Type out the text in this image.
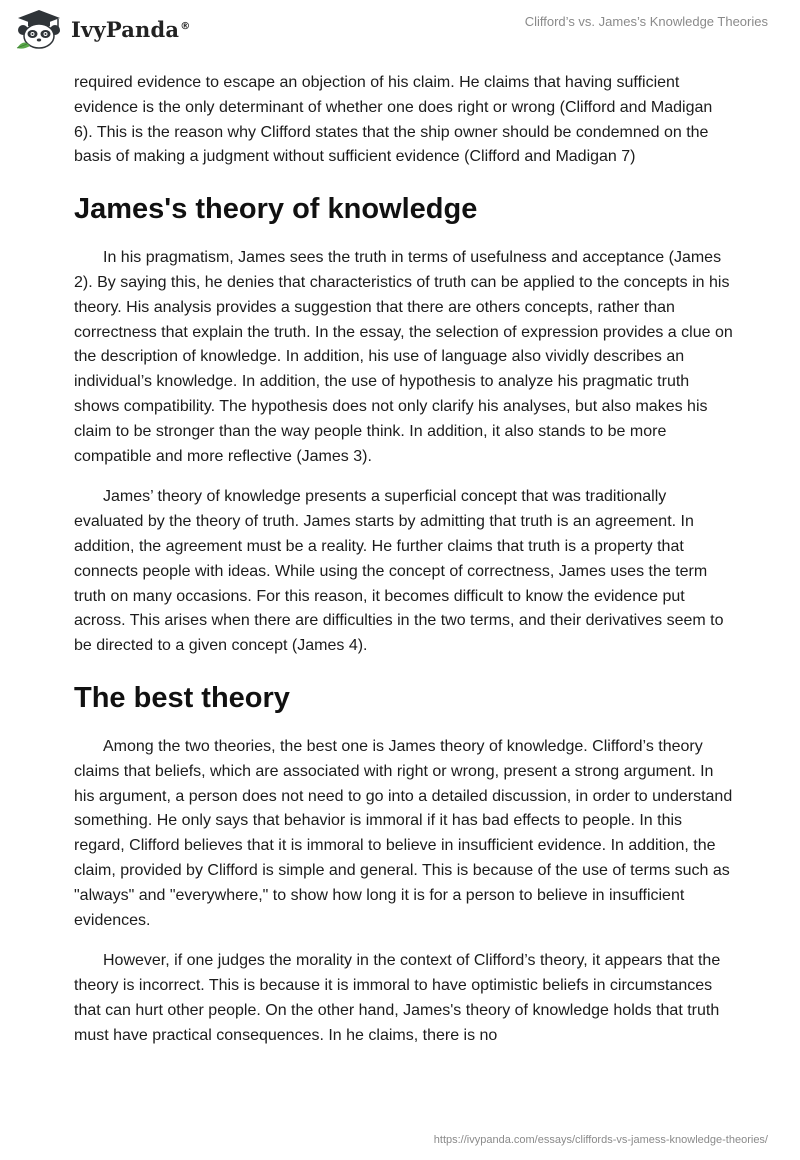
IvyPanda®	Clifford’s vs. James’s Knowledge Theories

required evidence to escape an objection of his claim. He claims that having sufficient evidence is the only determinant of whether one does right or wrong (Clifford and Madigan 6). This is the reason why Clifford states that the ship owner should be condemned on the basis of making a judgment without sufficient evidence (Clifford and Madigan 7)

James's theory of knowledge

In his pragmatism, James sees the truth in terms of usefulness and acceptance (James 2). By saying this, he denies that characteristics of truth can be applied to the concepts in his theory. His analysis provides a suggestion that there are others concepts, rather than correctness that explain the truth. In the essay, the selection of expression provides a clue on the description of knowledge. In addition, his use of language also vividly describes an individual’s knowledge. In addition, the use of hypothesis to analyze his pragmatic truth shows compatibility. The hypothesis does not only clarify his analyses, but also makes his claim to be stronger than the way people think. In addition, it also stands to be more compatible and more reflective (James 3).

James’ theory of knowledge presents a superficial concept that was traditionally evaluated by the theory of truth. James starts by admitting that truth is an agreement. In addition, the agreement must be a reality. He further claims that truth is a property that connects people with ideas. While using the concept of correctness, James uses the term truth on many occasions. For this reason, it becomes difficult to know the evidence put across. This arises when there are difficulties in the two terms, and their derivatives seem to be directed to a given concept (James 4).

The best theory

Among the two theories, the best one is James theory of knowledge. Clifford’s theory claims that beliefs, which are associated with right or wrong, present a strong argument. In his argument, a person does not need to go into a detailed discussion, in order to understand something. He only says that behavior is immoral if it has bad effects to people. In this regard, Clifford believes that it is immoral to believe in insufficient evidence. In addition, the claim, provided by Clifford is simple and general. This is because of the use of terms such as "always" and "everywhere," to show how long it is for a person to believe in insufficient evidences.

However, if one judges the morality in the context of Clifford’s theory, it appears that the theory is incorrect. This is because it is immoral to have optimistic beliefs in circumstances that can hurt other people. On the other hand, James's theory of knowledge holds that truth must have practical consequences. In he claims, there is no

https://ivypanda.com/essays/cliffords-vs-jamess-knowledge-theories/
